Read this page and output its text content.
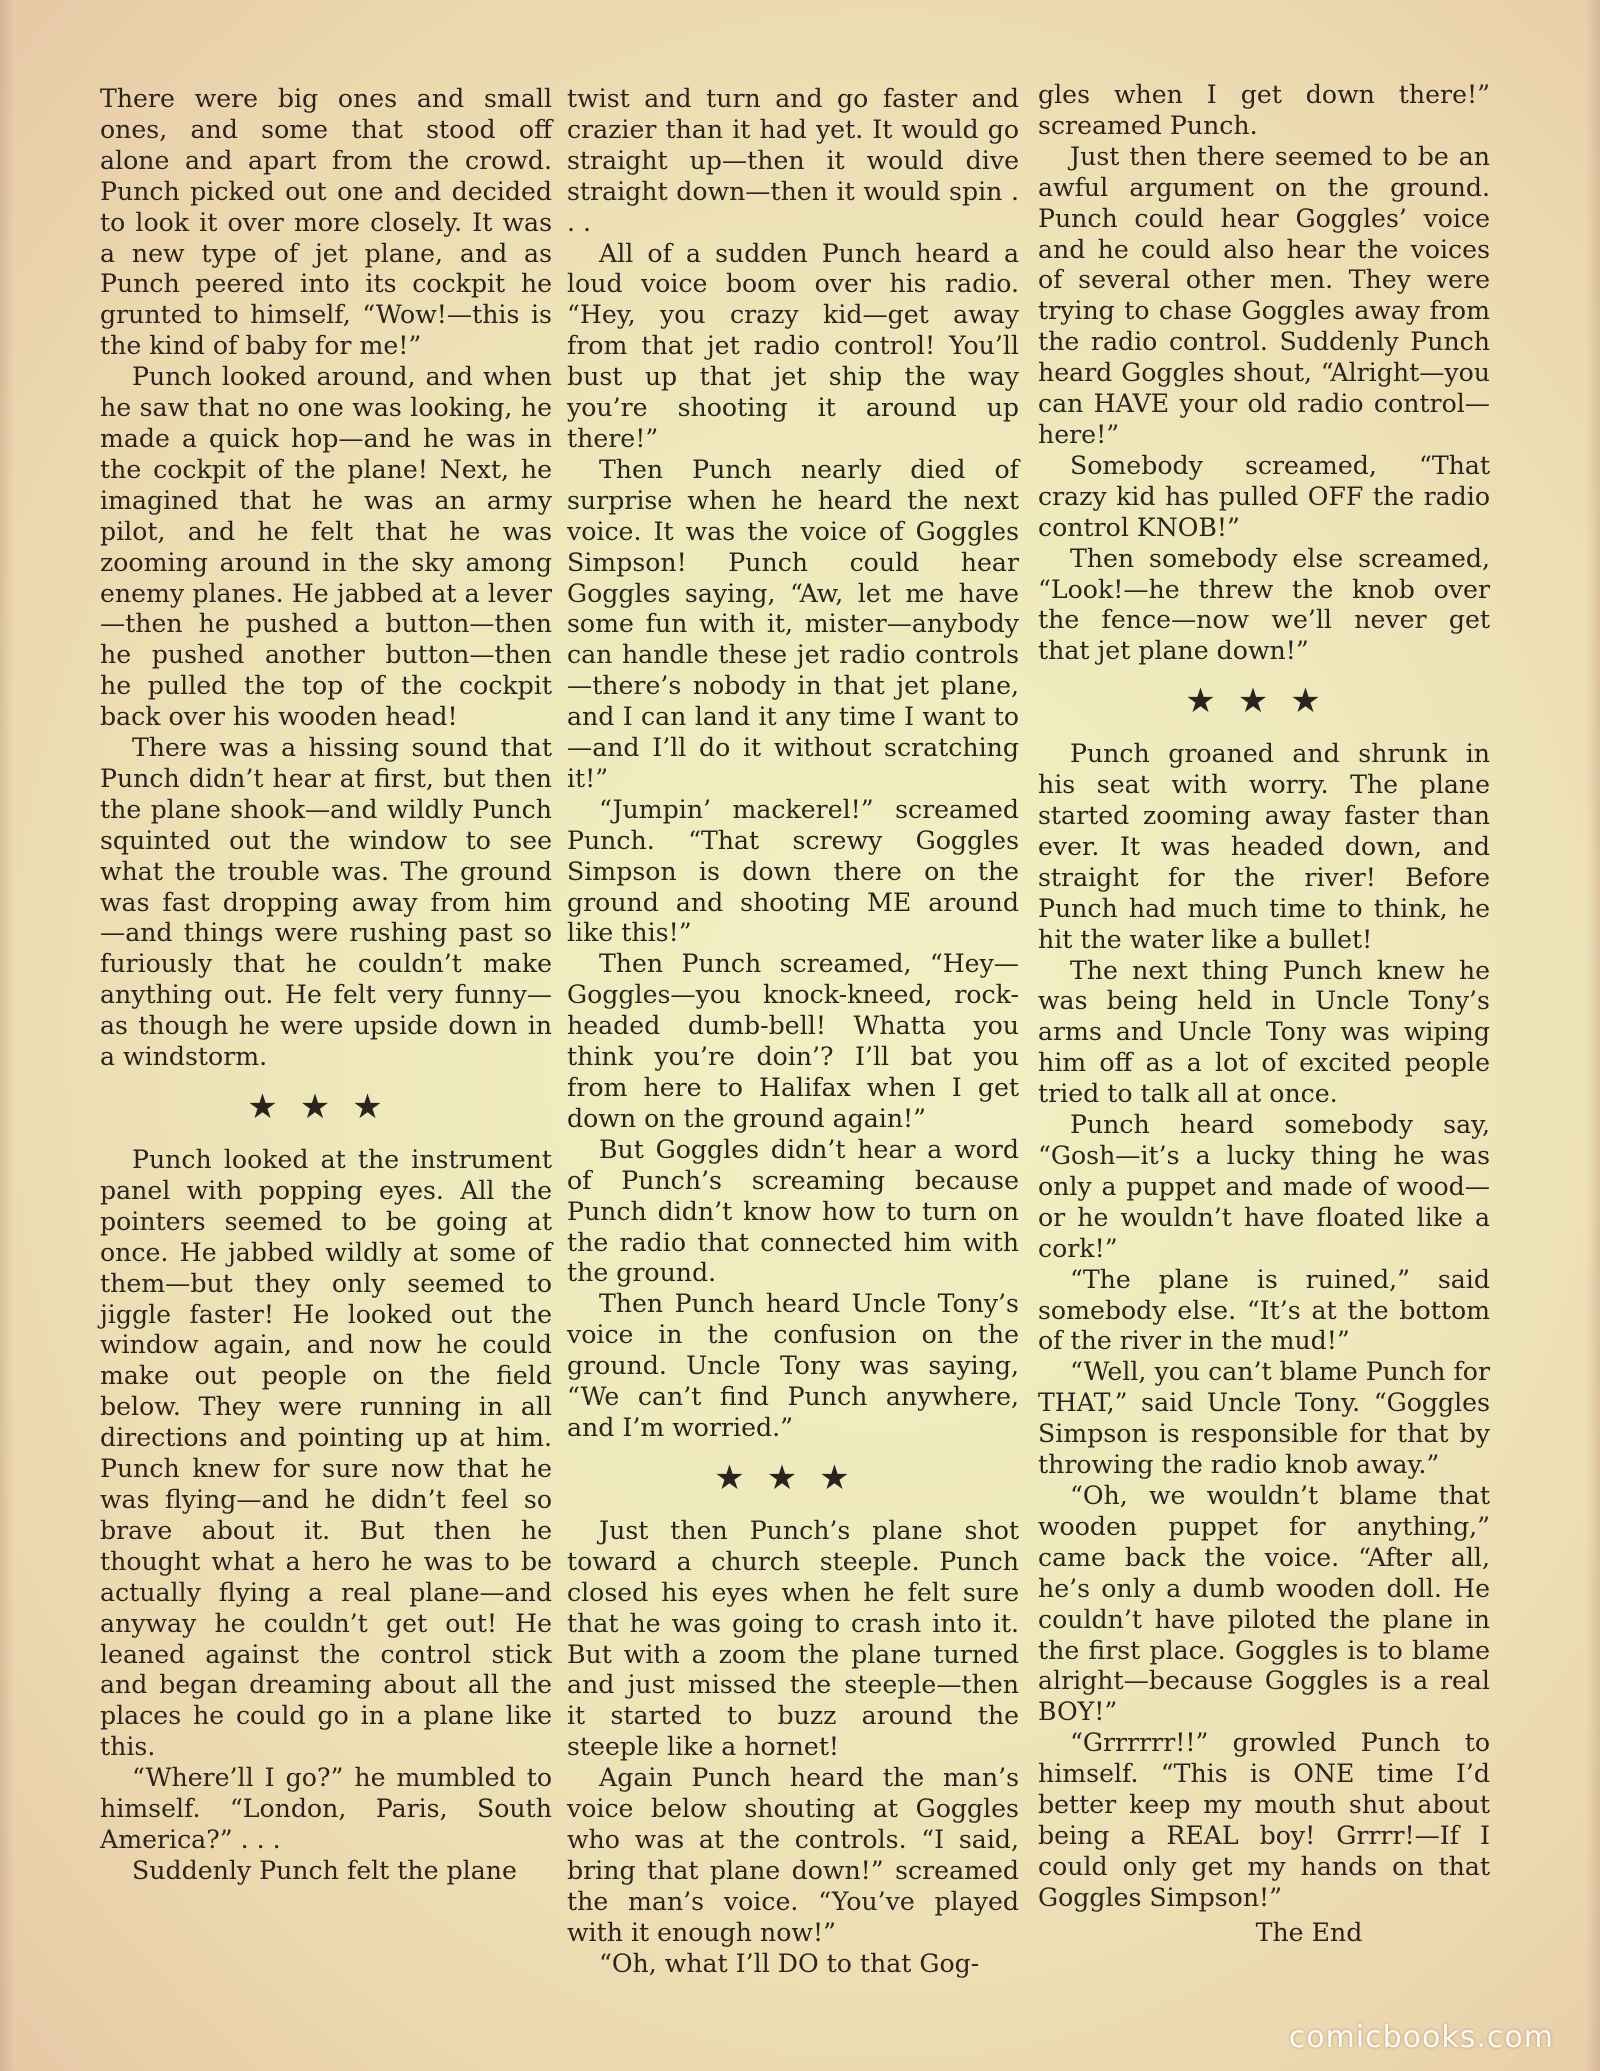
There were big ones and small ones, and some that stood off alone and apart from the crowd. Punch picked out one and decided to look it over more closely. It was a new type of jet plane, and as Punch peered into its cockpit he grunted to himself, “Wow!—this is the kind of baby for me!”

Punch looked around, and when he saw that no one was looking, he made a quick hop—and he was in the cockpit of the plane! Next, he imagined that he was an army pilot, and he felt that he was zooming around in the sky among enemy planes. He jabbed at a lever—then he pushed a button—then he pushed another button—then he pulled the top of the cockpit back over his wooden head!

There was a hissing sound that Punch didn’t hear at first, but then the plane shook—and wildly Punch squinted out the window to see what the trouble was. The ground was fast dropping away from him—and things were rushing past so furiously that he couldn’t make anything out. He felt very funny—as though he were upside down in a windstorm.

★★★

Punch looked at the instrument panel with popping eyes. All the pointers seemed to be going at once. He jabbed wildly at some of them—but they only seemed to jiggle faster! He looked out the window again, and now he could make out people on the field below. They were running in all directions and pointing up at him. Punch knew for sure now that he was flying—and he didn’t feel so brave about it. But then he thought what a hero he was to be actually flying a real plane—and anyway he couldn’t get out! He leaned against the control stick and began dreaming about all the places he could go in a plane like this.

“Where’ll I go?” he mumbled to himself. “London, Paris, South America?” . . .

Suddenly Punch felt the plane

twist and turn and go faster and crazier than it had yet. It would go straight up—then it would dive straight down—then it would spin . . .

All of a sudden Punch heard a loud voice boom over his radio. “Hey, you crazy kid—get away from that jet radio control! You’ll bust up that jet ship the way you’re shooting it around up there!”

Then Punch nearly died of surprise when he heard the next voice. It was the voice of Goggles Simpson! Punch could hear Goggles saying, “Aw, let me have some fun with it, mister—anybody can handle these jet radio controls—there’s nobody in that jet plane, and I can land it any time I want to—and I’ll do it without scratching it!”

“Jumpin’ mackerel!” screamed Punch. “That screwy Goggles Simpson is down there on the ground and shooting ME around like this!”

Then Punch screamed, “Hey—Goggles—you knock-kneed, rock-headed dumb-bell! Whatta you think you’re doin’? I’ll bat you from here to Halifax when I get down on the ground again!”

But Goggles didn’t hear a word of Punch’s screaming because Punch didn’t know how to turn on the radio that connected him with the ground.

Then Punch heard Uncle Tony’s voice in the confusion on the ground. Uncle Tony was saying, “We can’t find Punch anywhere, and I’m worried.”

★★★

Just then Punch’s plane shot toward a church steeple. Punch closed his eyes when he felt sure that he was going to crash into it. But with a zoom the plane turned and just missed the steeple—then it started to buzz around the steeple like a hornet!

Again Punch heard the man’s voice below shouting at Goggles who was at the controls. “I said, bring that plane down!” screamed the man’s voice. “You’ve played with it enough now!”

“Oh, what I’ll DO to that Gog-

gles when I get down there!” screamed Punch.

Just then there seemed to be an awful argument on the ground. Punch could hear Goggles’ voice and he could also hear the voices of several other men. They were trying to chase Goggles away from the radio control. Suddenly Punch heard Goggles shout, “Alright—you can HAVE your old radio control—here!”

Somebody screamed, “That crazy kid has pulled OFF the radio control KNOB!”

Then somebody else screamed, “Look!—he threw the knob over the fence—now we’ll never get that jet plane down!”

★★★

Punch groaned and shrunk in his seat with worry. The plane started zooming away faster than ever. It was headed down, and straight for the river! Before Punch had much time to think, he hit the water like a bullet!

The next thing Punch knew he was being held in Uncle Tony’s arms and Uncle Tony was wiping him off as a lot of excited people tried to talk all at once.

Punch heard somebody say, “Gosh—it’s a lucky thing he was only a puppet and made of wood—or he wouldn’t have floated like a cork!”

“The plane is ruined,” said somebody else. “It’s at the bottom of the river in the mud!”

“Well, you can’t blame Punch for THAT,” said Uncle Tony. “Goggles Simpson is responsible for that by throwing the radio knob away.”

“Oh, we wouldn’t blame that wooden puppet for anything,” came back the voice. “After all, he’s only a dumb wooden doll. He couldn’t have piloted the plane in the first place. Goggles is to blame alright—because Goggles is a real BOY!”

“Grrrrrr!!” growled Punch to himself. “This is ONE time I’d better keep my mouth shut about being a REAL boy! Grrrr!—If I could only get my hands on that Goggles Simpson!”

The End
comicbooks.com
